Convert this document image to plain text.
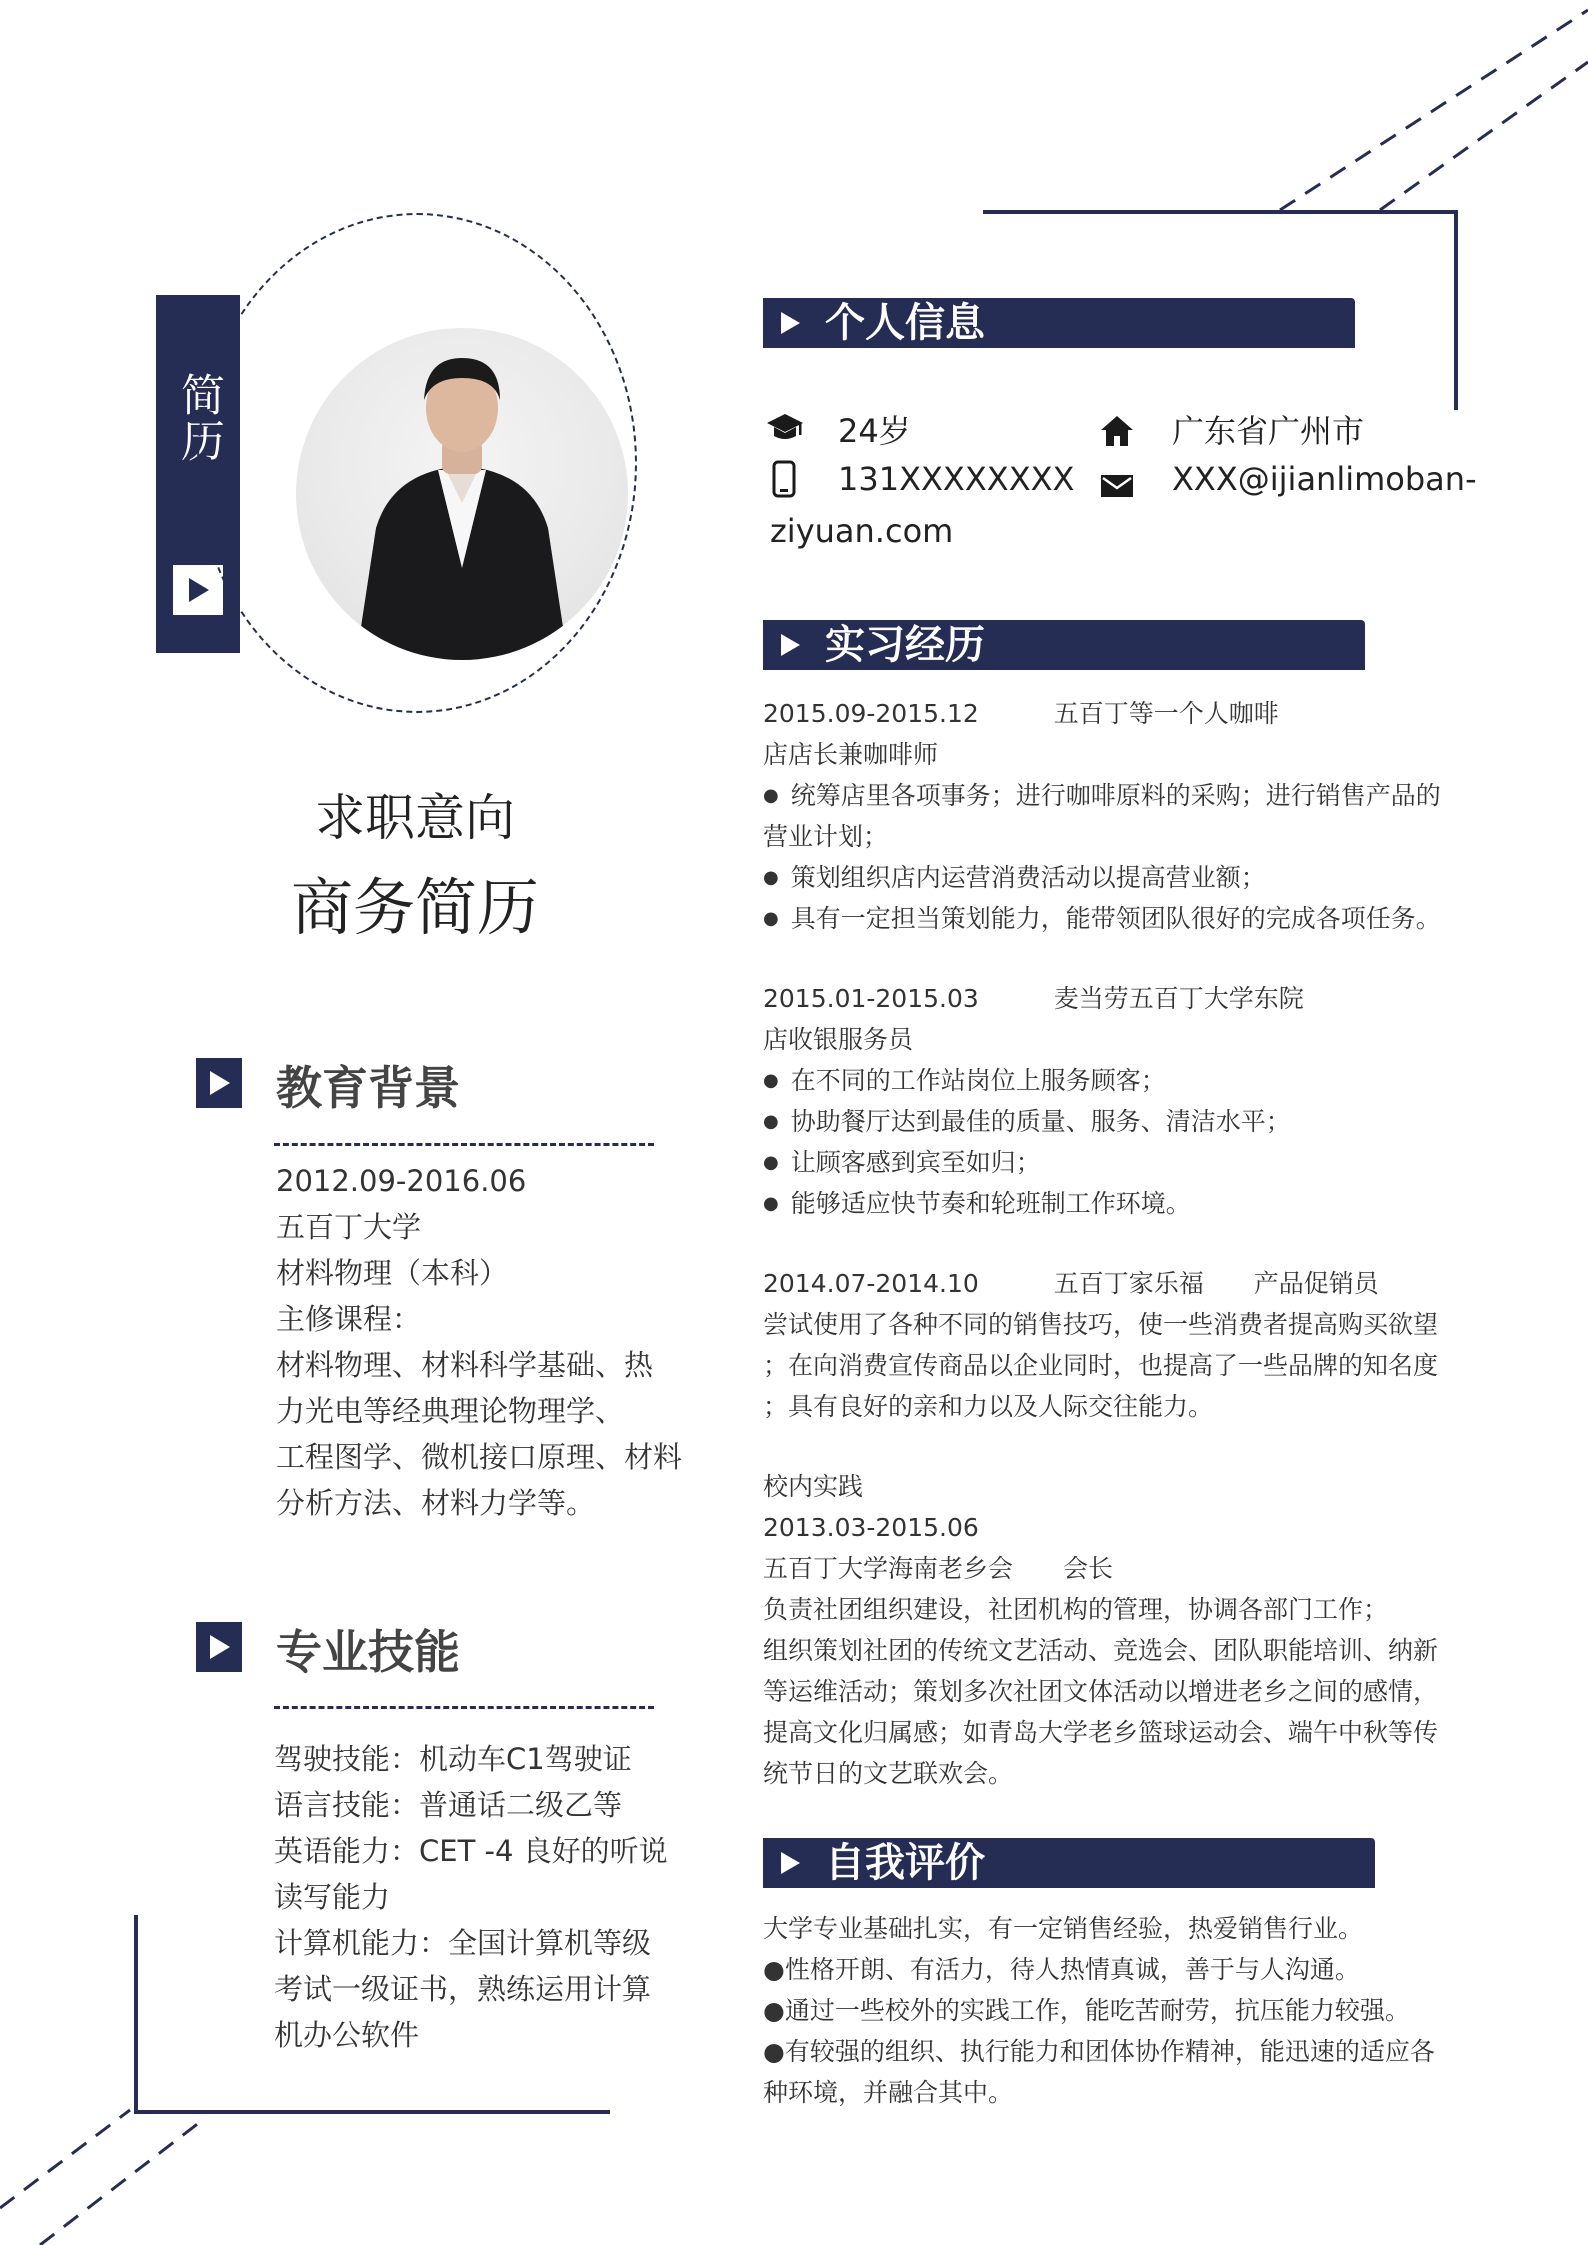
简历
求职意向
商务简历
教育背景
2012.09-2016.06
五百丁大学
材料物理（本科）
主修课程：
材料物理、材料科学基础、热
力光电等经典理论物理学、
工程图学、微机接口原理、材料
分析方法、材料力学等。
专业技能
驾驶技能：机动车C1驾驶证
语言技能：普通话二级乙等
英语能力：CET -4 良好的听说
读写能力
计算机能力：全国计算机等级
考试一级证书，熟练运用计算
机办公软件
个人信息
24岁	广东省广州市
131XXXXXXXX	XXX@ijianlimoban-
ziyuan.com
实习经历
2015.09-2015.12　　　五百丁等一个人咖啡
店店长兼咖啡师
● 统筹店里各项事务；进行咖啡原料的采购；进行销售产品的
营业计划；
● 策划组织店内运营消费活动以提高营业额；
● 具有一定担当策划能力，能带领团队很好的完成各项任务。
2015.01-2015.03　　　麦当劳五百丁大学东院
店收银服务员
● 在不同的工作站岗位上服务顾客；
● 协助餐厅达到最佳的质量、服务、清洁水平；
● 让顾客感到宾至如归；
● 能够适应快节奏和轮班制工作环境。
2014.07-2014.10　　　五百丁家乐福　　产品促销员
尝试使用了各种不同的销售技巧，使一些消费者提高购买欲望
；在向消费宣传商品以企业同时，也提高了一些品牌的知名度
；具有良好的亲和力以及人际交往能力。
校内实践
2013.03-2015.06
五百丁大学海南老乡会　　会长
负责社团组织建设，社团机构的管理，协调各部门工作；
组织策划社团的传统文艺活动、竞选会、团队职能培训、纳新
等运维活动；策划多次社团文体活动以增进老乡之间的感情，
提高文化归属感；如青岛大学老乡篮球运动会、端午中秋等传
统节日的文艺联欢会。
自我评价
大学专业基础扎实，有一定销售经验，热爱销售行业。
●性格开朗、有活力，待人热情真诚，善于与人沟通。
●通过一些校外的实践工作，能吃苦耐劳，抗压能力较强。
●有较强的组织、执行能力和团体协作精神，能迅速的适应各
种环境，并融合其中。
